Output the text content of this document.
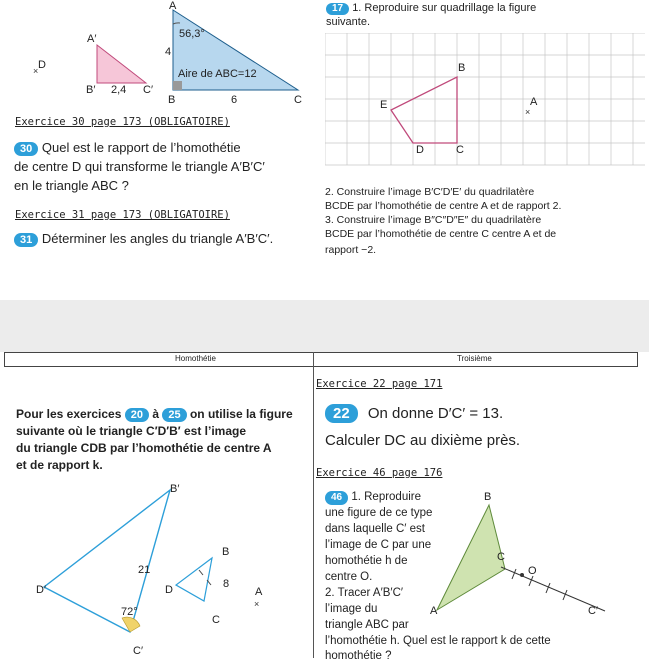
×
A
A′
D
56,3°
4
Aire de ABC=12
B′ 2,4 C′
B	6	C
Exercice 30 page 173 (OBLIGATOIRE)
30 Quel est le rapport de l’homothétie
de centre D qui transforme le triangle A′B′C′
en le triangle ABC ?
Exercice 31 page 173 (OBLIGATOIRE)
31 Déterminer les angles du triangle A′B′C′.
17 1. Reproduire sur quadrillage la figure
suivante.
×
B
E	A
D	C
2. Construire l’image B′C′D′E′ du quadrilatère
BCDE par l’homothétie de centre A et de rapport 2.
3. Construire l’image B″C″D″E″ du quadrilatère
BCDE par l’homothétie de centre C centre A et de
rapport −2.
Homothétie	Troisième
Exercice 22 page 171
22 On donne D′C′ = 13.
Calculer DC au dixième près.
Pour les exercices 20 à 25 on utilise la figure
suivante où le triangle C′D′B′ est l’image
du triangle CDB par l’homothétie de centre A
et de rapport k.
×
B′
B
21
8
D′	D	A
72°
C
C′
Exercice 46 page 176
46 1. Reproduire
une figure de ce type
dans laquelle C′ est
l’image de C par une
homothétie h de
centre O.
2. Tracer A′B′C′
l’image du
triangle ABC par
l’homothétie h. Quel est le rapport k de cette
homothétie ?
B
C
O
A	C′
